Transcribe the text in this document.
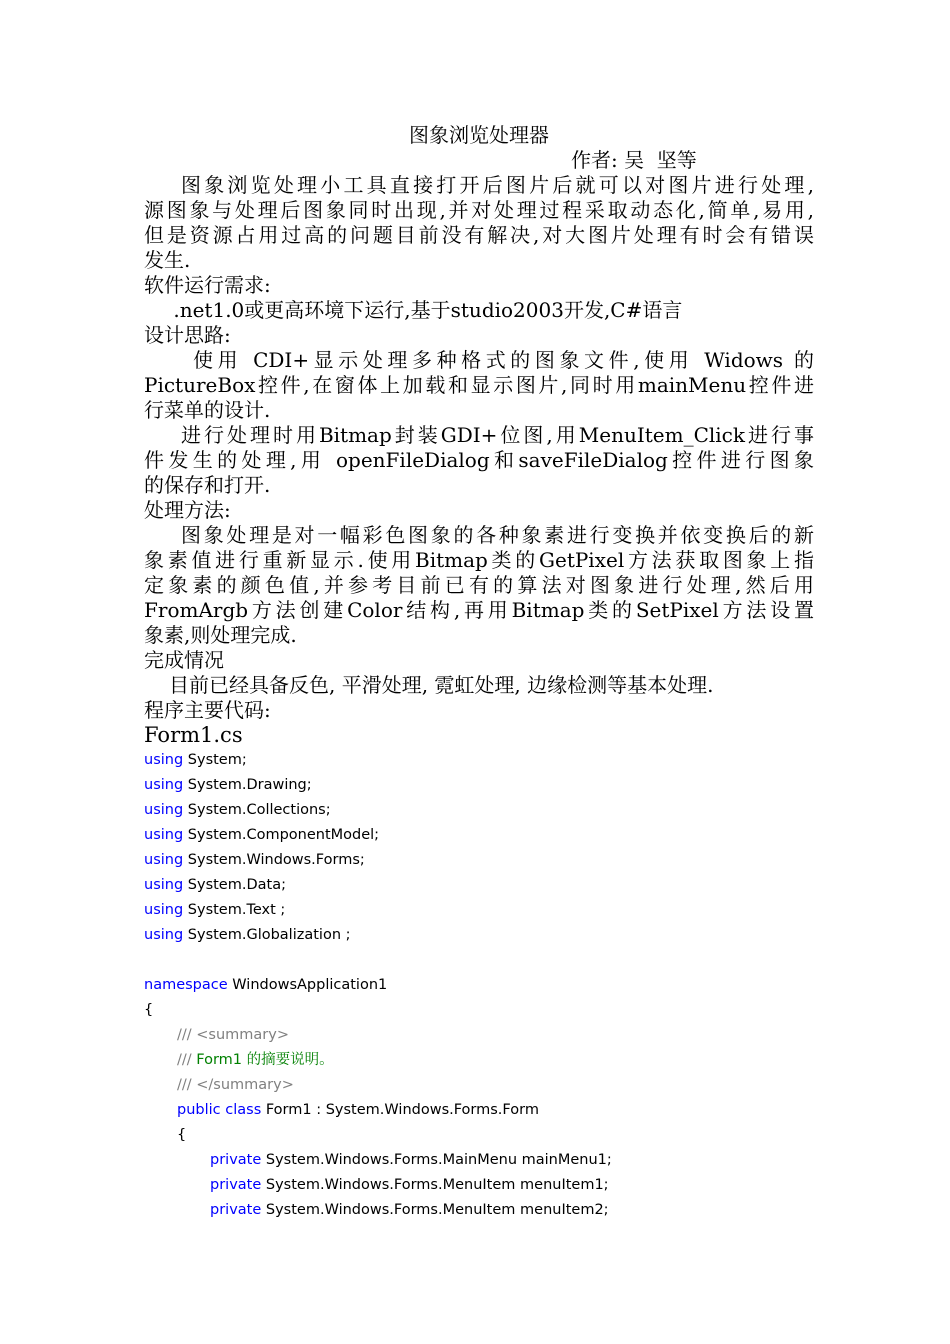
图象浏览处理器
作者: 吴  坚等
图象浏览处理小工具直接打开后图片后就可以对图片进行处理,
源图象与处理后图象同时出现,并对处理过程采取动态化,简单,易用,
但是资源占用过高的问题目前没有解决,对大图片处理有时会有错误
发生.
软件运行需求:
.net1.0或更高环境下运行,基于studio2003开发,C#语言
设计思路:
使用 CDI+显示处理多种格式的图象文件,使用 Widows 的
PictureBox控件,在窗体上加载和显示图片,同时用mainMenu控件进
行菜单的设计.
进行处理时用Bitmap封装GDI+位图,用MenuItem_Click进行事
件发生的处理,用 openFileDialog和saveFileDialog控件进行图象
的保存和打开.
处理方法:
图象处理是对一幅彩色图象的各种象素进行变换并依变换后的新
象素值进行重新显示.使用Bitmap类的GetPixel方法获取图象上指
定象素的颜色值,并参考目前已有的算法对图象进行处理,然后用
FromArgb方法创建Color结构,再用Bitmap类的SetPixel方法设置
象素,则处理完成.
完成情况
目前已经具备反色, 平滑处理, 霓虹处理, 边缘检测等基本处理.
程序主要代码:
Form1.cs
using System;
using System.Drawing;
using System.Collections;
using System.ComponentModel;
using System.Windows.Forms;
using System.Data;
using System.Text ;
using System.Globalization ;
namespace WindowsApplication1
{
/// <summary>
/// Form1 的摘要说明。
/// </summary>
public class Form1 : System.Windows.Forms.Form
{
private System.Windows.Forms.MainMenu mainMenu1;
private System.Windows.Forms.MenuItem menuItem1;
private System.Windows.Forms.MenuItem menuItem2;
